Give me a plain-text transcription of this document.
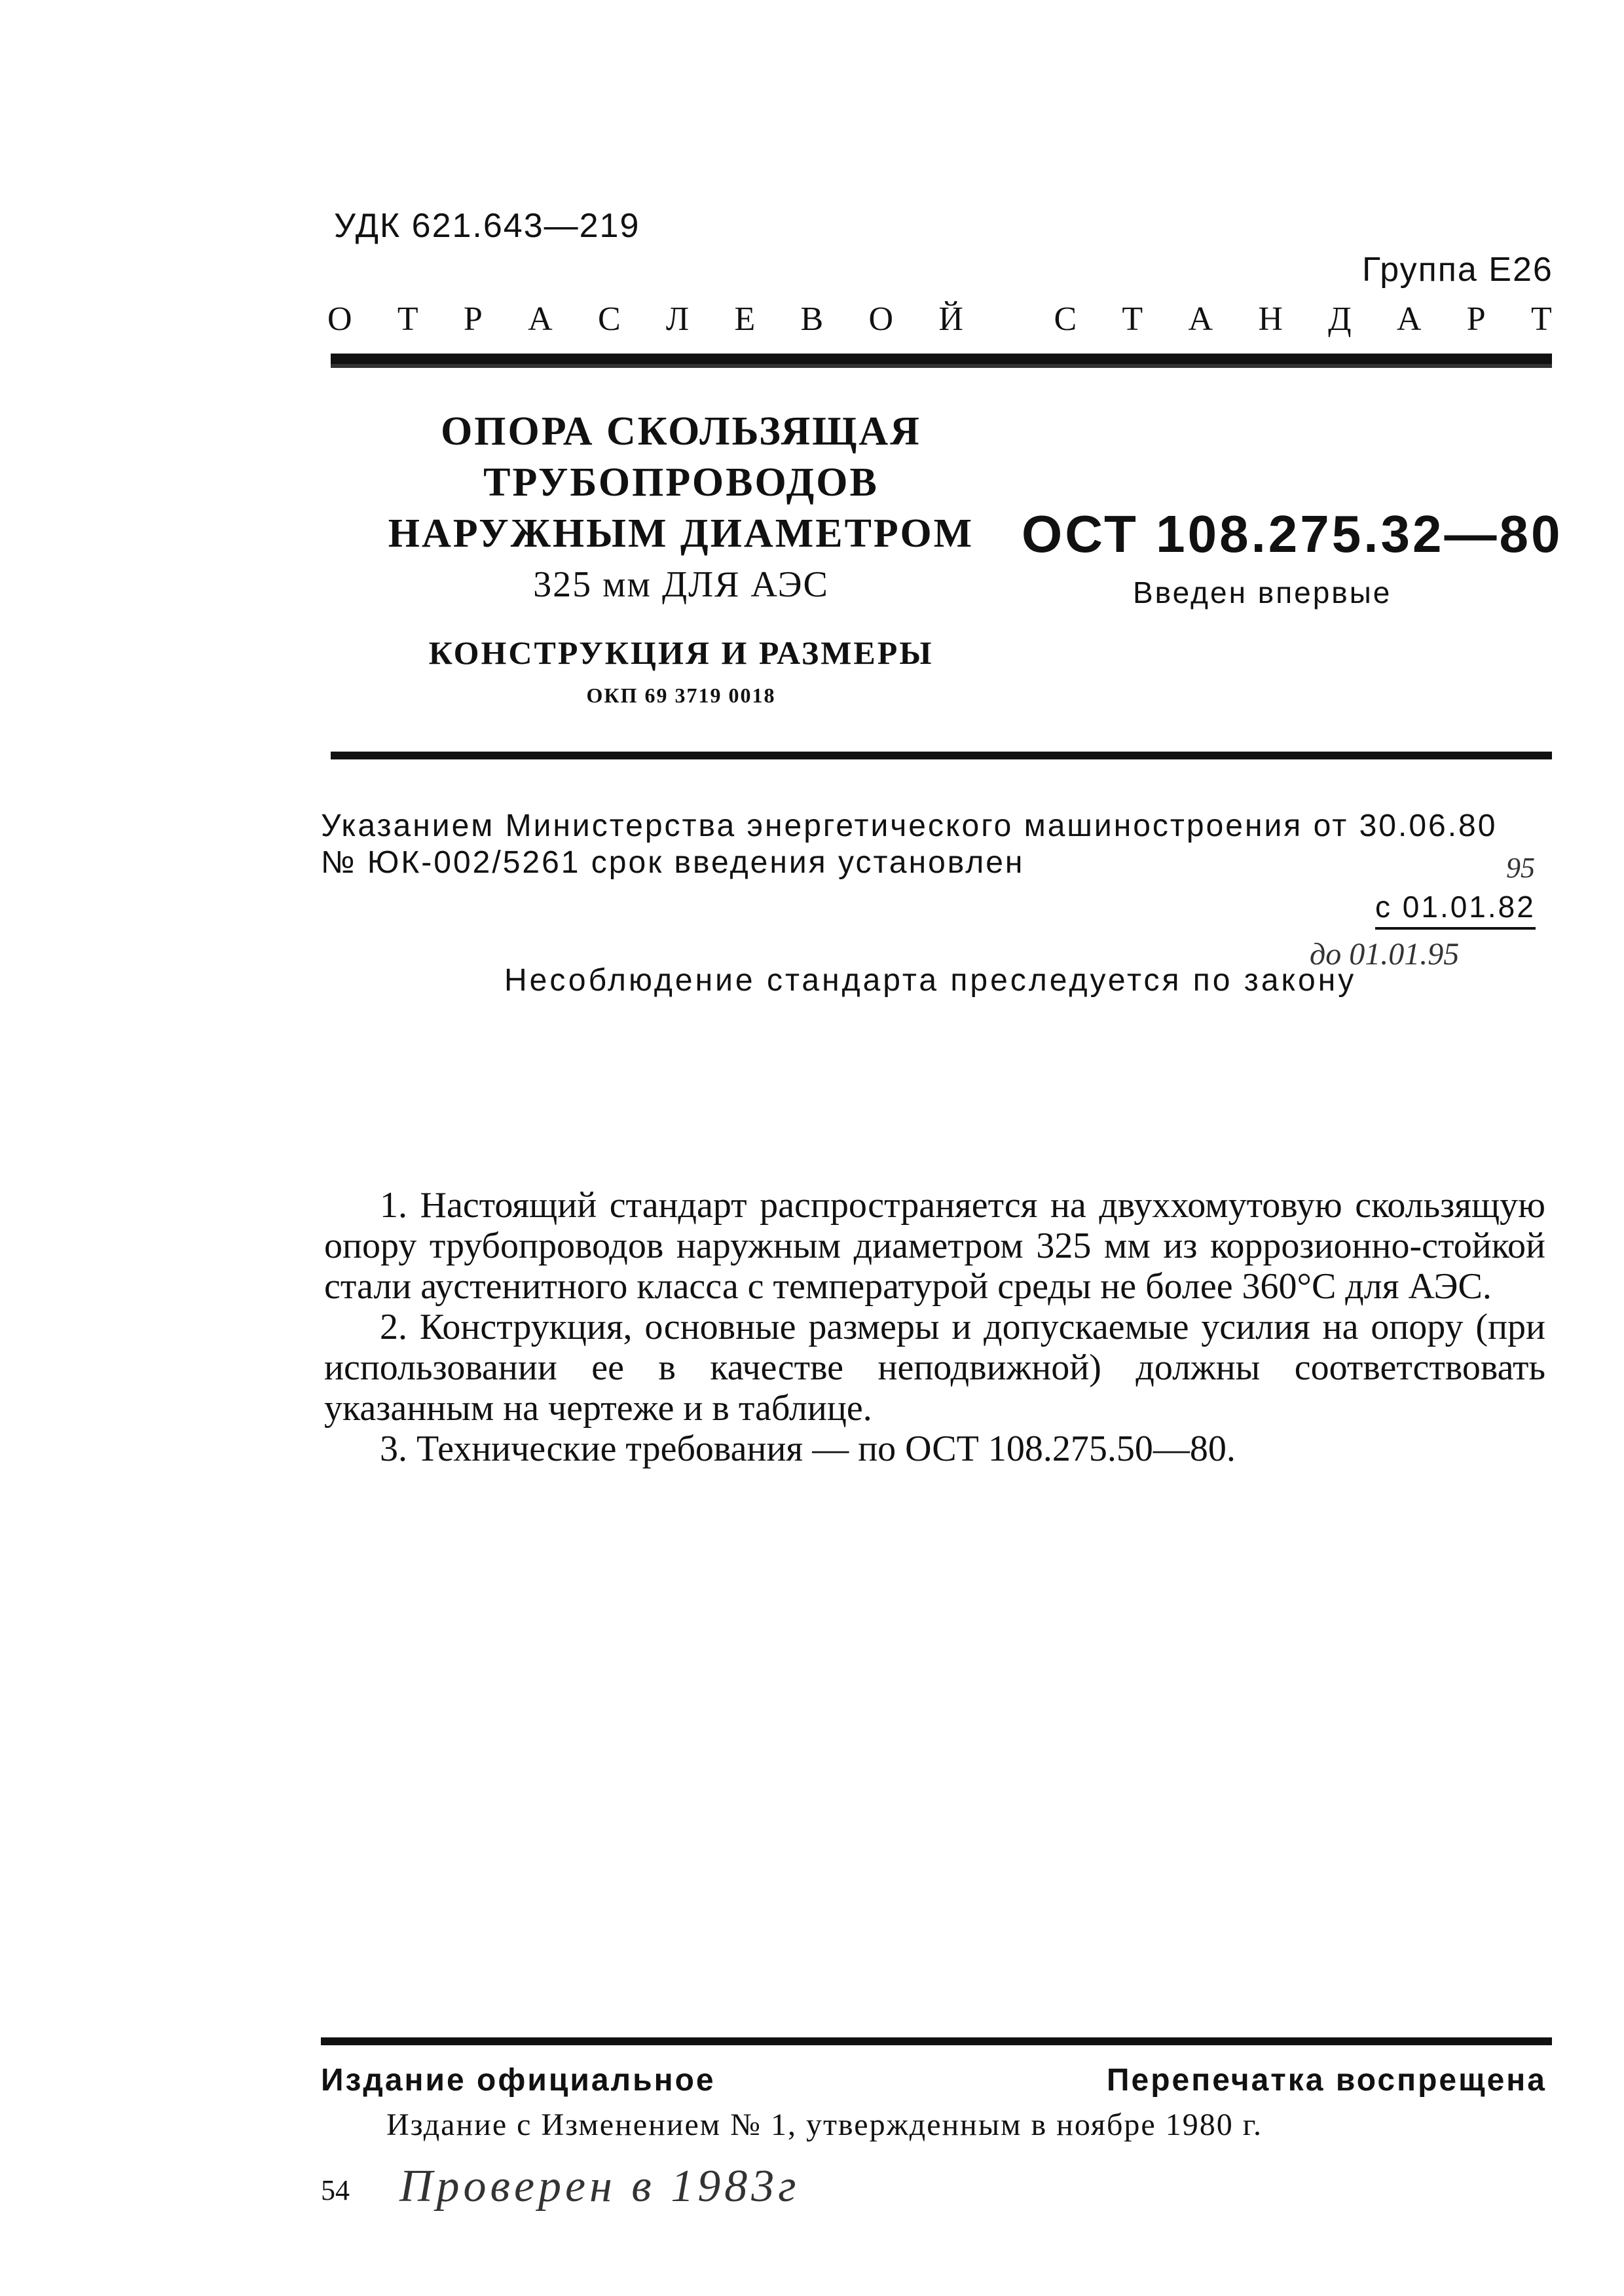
УДК 621.643—219
Группа Е26
О Т Р А С Л Е В О Й	С Т А Н Д А Р Т
ОПОРА СКОЛЬЗЯЩАЯ
ТРУБОПРОВОДОВ
НАРУЖНЫМ ДИАМЕТРОМ
325 мм ДЛЯ АЭС
КОНСТРУКЦИЯ И РАЗМЕРЫ
ОКП 69 3719 0018
ОСТ 108.275.32—80
Введен впервые
Указанием Министерства энергетического машиностроения от 30.06.80
№ ЮК-002/5261 срок введения установлен	95
с 01.01.82
до 01.01.95
Несоблюдение стандарта преследуется по закону

1. Настоящий стандарт распространяется на двуххомутовую скользящую опору трубопроводов наружным диаметром 325 мм из коррозионно-стойкой стали аустенитного класса с температурой среды не более 360°С для АЭС.

2. Конструкция, основные размеры и допускаемые усилия на опору (при использовании ее в качестве неподвижной) должны соответствовать указанным на чертеже и в таблице.

3. Технические требования — по ОСТ 108.275.50—80.

Издание официальное	Перепечатка воспрещена
Издание с Изменением № 1, утвержденным в ноябре 1980 г.
54 Проверен в 1983г
